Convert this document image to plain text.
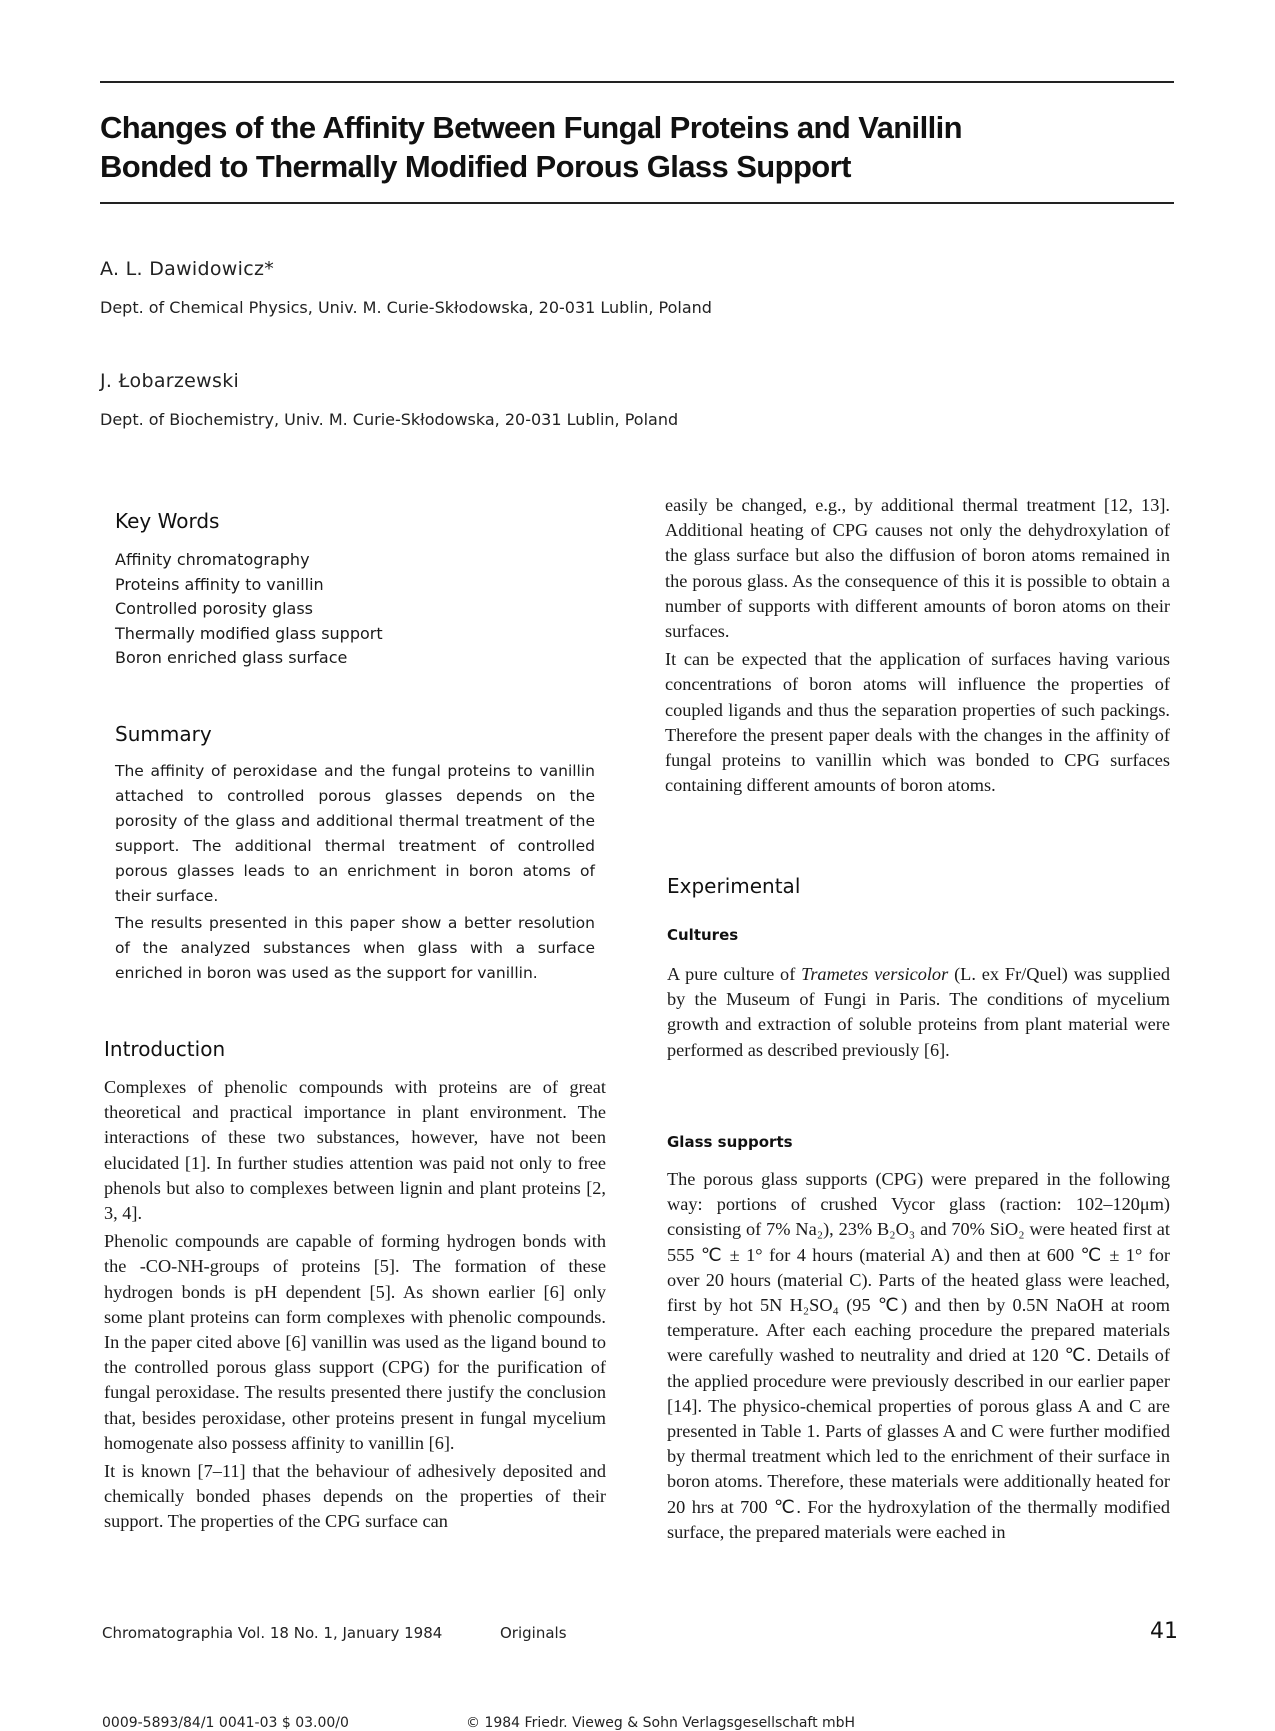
Changes of the Affinity Between Fungal Proteins and Vanillin
Bonded to Thermally Modified Porous Glass Support
A. L. Dawidowicz*
Dept. of Chemical Physics, Univ. M. Curie-Skłodowska, 20-031 Lublin, Poland
J. Łobarzewski
Dept. of Biochemistry, Univ. M. Curie-Skłodowska, 20-031 Lublin, Poland
Key Words
Affinity chromatography
Proteins affinity to vanillin
Controlled porosity glass
Thermally modified glass support
Boron enriched glass surface
Summary

The affinity of peroxidase and the fungal proteins to vanillin attached to controlled porous glasses depends on the porosity of the glass and additional thermal treatment of the support. The additional thermal treatment of controlled porous glasses leads to an enrichment in boron atoms of their surface.

The results presented in this paper show a better resolution of the analyzed substances when glass with a surface enriched in boron was used as the support for vanillin.

Introduction

Complexes of phenolic compounds with proteins are of great theoretical and practical importance in plant environment. The interactions of these two substances, however, have not been elucidated [1]. In further studies attention was paid not only to free phenols but also to complexes between lignin and plant proteins [2, 3, 4].

Phenolic compounds are capable of forming hydrogen bonds with the -CO-NH-groups of proteins [5]. The formation of these hydrogen bonds is pH dependent [5]. As shown earlier [6] only some plant proteins can form complexes with phenolic compounds. In the paper cited above [6] vanillin was used as the ligand bound to the controlled porous glass support (CPG) for the purification of fungal peroxidase. The results presented there justify the conclusion that, besides peroxidase, other proteins present in fungal mycelium homogenate also possess affinity to vanillin [6].

It is known [7–11] that the behaviour of adhesively deposited and chemically bonded phases depends on the properties of their support. The properties of the CPG surface can

easily be changed, e.g., by additional thermal treatment [12, 13]. Additional heating of CPG causes not only the dehydroxylation of the glass surface but also the diffusion of boron atoms remained in the porous glass. As the consequence of this it is possible to obtain a number of supports with different amounts of boron atoms on their surfaces.

It can be expected that the application of surfaces having various concentrations of boron atoms will influence the properties of coupled ligands and thus the separation properties of such packings. Therefore the present paper deals with the changes in the affinity of fungal proteins to vanillin which was bonded to CPG surfaces containing different amounts of boron atoms.

Experimental
Cultures

A pure culture of Trametes versicolor (L. ex Fr/Quel) was supplied by the Museum of Fungi in Paris. The conditions of mycelium growth and extraction of soluble proteins from plant material were performed as described previously [6].

Glass supports

The porous glass supports (CPG) were prepared in the following way: portions of crushed Vycor glass (raction: 102–120μm) consisting of 7% Na₂), 23% B₂O₃ and 70% SiO₂ were heated first at 555 ℃ ± 1° for 4 hours (material A) and then at 600 ℃ ± 1° for over 20 hours (material C). Parts of the heated glass were leached, first by hot 5N H₂SO₄ (95 ℃) and then by 0.5N NaOH at room temperature. After each eaching procedure the prepared materials were carefully washed to neutrality and dried at 120 ℃. Details of the applied procedure were previously described in our earlier paper [14]. The physico-chemical properties of porous glass A and C are presented in Table 1. Parts of glasses A and C were further modified by thermal treatment which led to the enrichment of their surface in boron atoms. Therefore, these materials were additionally heated for 20 hrs at 700 ℃. For the hydroxylation of the thermally modified surface, the prepared materials were eached in

Chromatographia Vol. 18 No. 1, January 1984	Originals	41
0009-5893/84/1 0041-03 $ 03.00/0	© 1984 Friedr. Vieweg & Sohn Verlagsgesellschaft mbH
